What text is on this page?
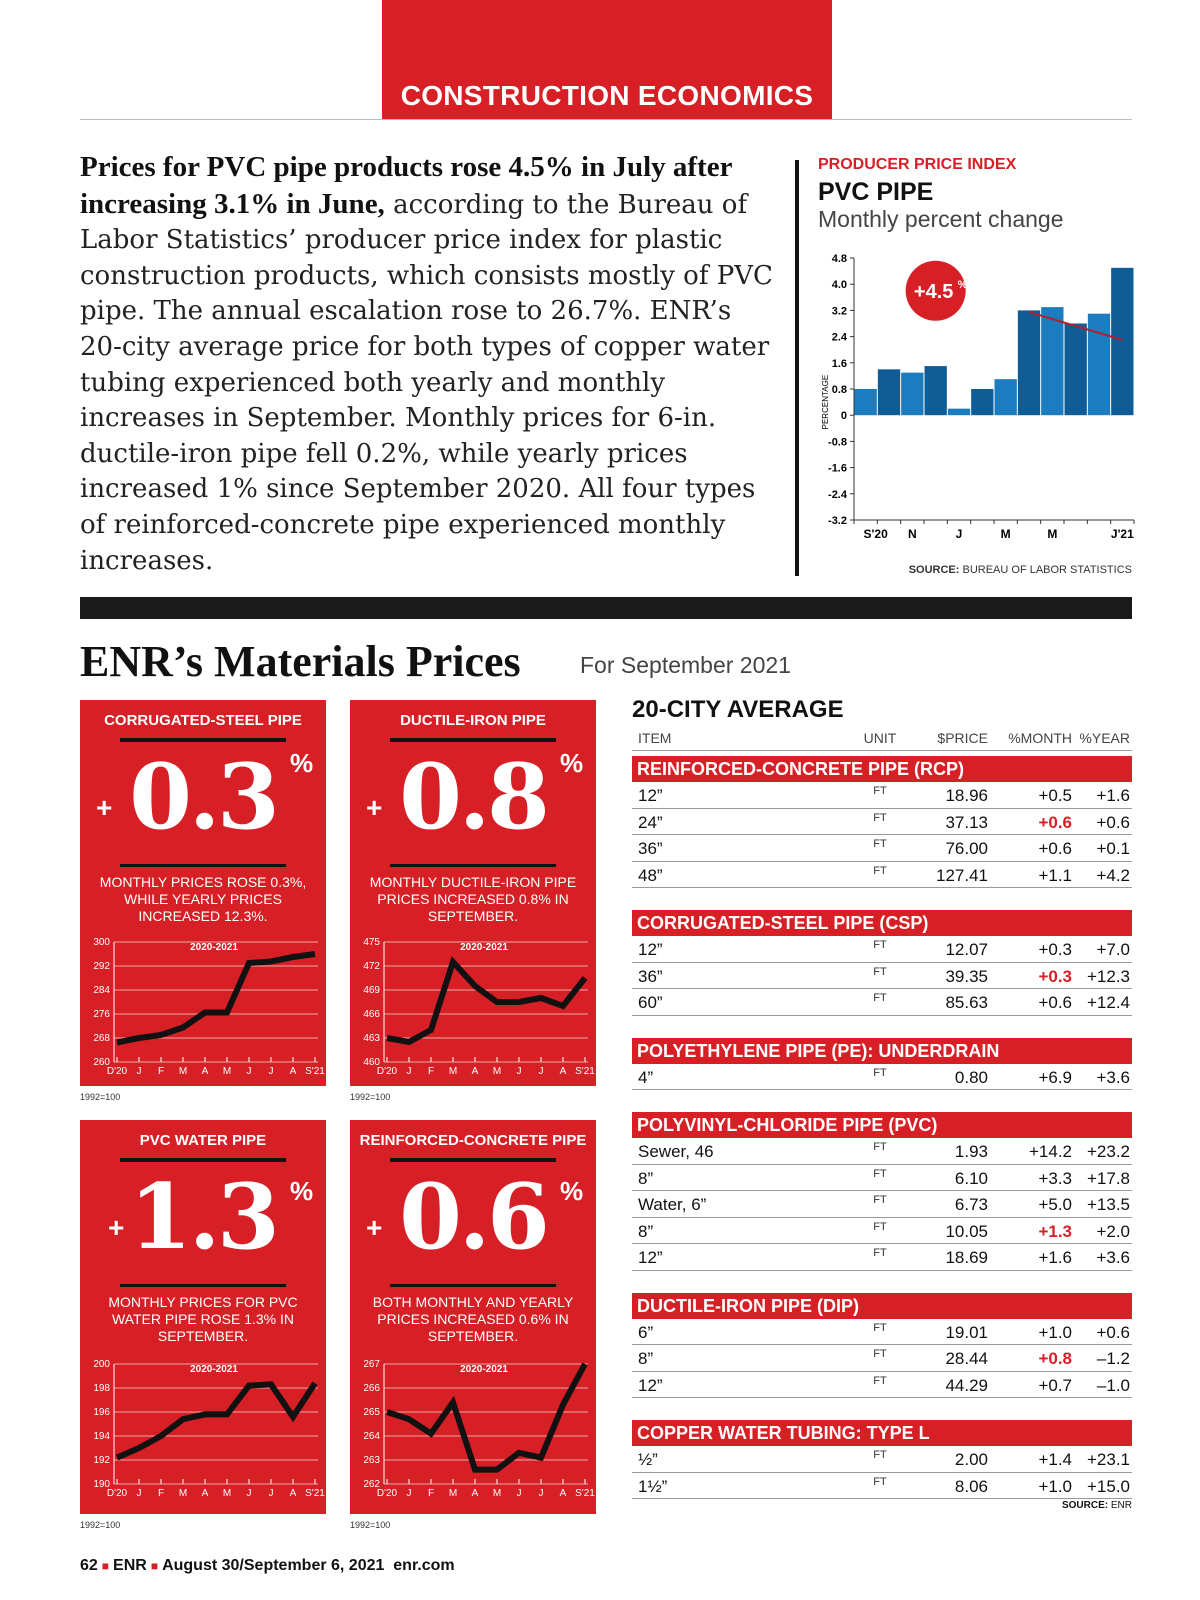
CONSTRUCTION ECONOMICS
Prices for PVC pipe products rose 4.5% in July after increasing 3.1% in June, according to the Bureau of Labor Statistics’ producer price index for plastic construction products, which consists mostly of PVC pipe. The annual escalation rose to 26.7%. ENR’s 20-city average price for both types of copper water tubing experienced both yearly and monthly increases in September. Monthly prices for 6-in. ductile-iron pipe fell 0.2%, while yearly prices increased 1% since September 2020. All four types of reinforced-concrete pipe experienced monthly increases.
PRODUCER PRICE INDEX
PVC PIPE
Monthly percent change
4.8
4.0
3.2
2.4
1.6
0.8
0
-0.8
-1.6
-2.4
-3.2
PERCENTAGE
+4.5 %
S'20 N	J	M	M	J'21
SOURCE: BUREAU OF LABOR STATISTICS
ENR’s Materials Prices	For September 2021
CORRUGATED-STEEL PIPE
+ 0.3 %
MONTHLY PRICES ROSE 0.3%, WHILE YEARLY PRICES INCREASED 12.3%.
300
292
284
276
268
260
2020-2021
D'20 J F M A M J J A S'21
1992=100
DUCTILE-IRON PIPE
+ 0.8 %
MONTHLY DUCTILE-IRON PIPE PRICES INCREASED 0.8% IN SEPTEMBER.
475
472
469
466
463
460
2020-2021
D'20 J F M A M J J A S'21
1992=100
PVC WATER PIPE
+ 1.3 %
MONTHLY PRICES FOR PVC WATER PIPE ROSE 1.3% IN SEPTEMBER.
200
198
196
194
192
190
2020-2021
D'20 J F M A M J J A S'21
1992=100
REINFORCED-CONCRETE PIPE
+ 0.6 %
BOTH MONTHLY AND YEARLY PRICES INCREASED 0.6% IN SEPTEMBER.
267
266
265
264
263
262
2020-2021
D'20 J F M A M J J A S'21
1992=100
20-CITY AVERAGE
ITEM	UNIT	$PRICE	%MONTH %YEAR
REINFORCED-CONCRETE PIPE (RCP)
12”	FT	18.96	+0.5	+1.6
24”	FT	37.13	+0.6	+0.6
36”	FT	76.00	+0.6	+0.1
48”	FT	127.41	+1.1	+4.2
CORRUGATED-STEEL PIPE (CSP)
12”	FT	12.07	+0.3	+7.0
36”	FT	39.35	+0.3 +12.3
60”	FT	85.63	+0.6 +12.4
POLYETHYLENE PIPE (PE): UNDERDRAIN
4”	FT	0.80	+6.9	+3.6
POLYVINYL-CHLORIDE PIPE (PVC)
Sewer, 46	FT	1.93	+14.2 +23.2
8”	FT	6.10	+3.3 +17.8
Water, 6”	FT	6.73	+5.0 +13.5
8”	FT	10.05	+1.3	+2.0
12”	FT	18.69	+1.6	+3.6
DUCTILE-IRON PIPE (DIP)
6”	FT	19.01	+1.0	+0.6
8”	FT	28.44	+0.8	–1.2
12”	FT	44.29	+0.7	–1.0
COPPER WATER TUBING: TYPE L
½”	FT	2.00	+1.4 +23.1
1½”	FT	8.06	+1.0 +15.0
SOURCE: ENR
62 ■ ENR ■ August 30/September 6, 2021 enr.com
